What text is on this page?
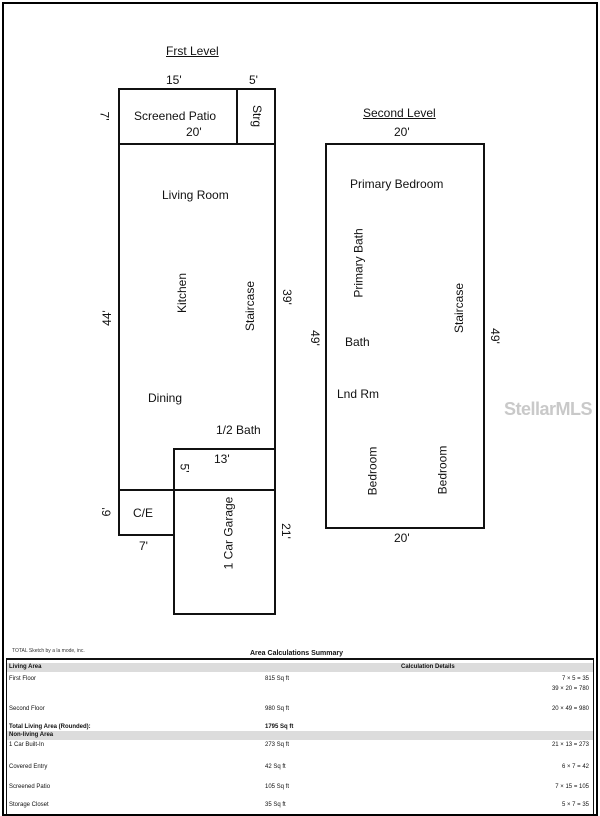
Frst Level
15'	5'
Screened Patio	Strg
7'
20'
Living Room
Kitchen	Staircase
Dining
1/2 Bath
44'
39'
C/E
6'
7'
13'
5'
1 Car Garage	21'
Second Level
20'
Primary Bedroom
Primary Bath
Staircase
Bath
Lnd Rm
Bedroom	Bedroom
49'	49'
20'
StellarMLS
TOTAL Sketch by a la mode, inc.	Area Calculations Summary
Living Area	Calculation Details
First Floor	815 Sq ft	7 × 5 = 35
39 × 20 = 780
Second Floor	980 Sq ft	20 × 49 = 980
Total Living Area (Rounded):	1795 Sq ft
Non-living Area
1 Car Built-In	273 Sq ft	21 × 13 = 273
Covered Entry	42 Sq ft	6 × 7 = 42
Screened Patio	105 Sq ft	7 × 15 = 105
Storage Closet	35 Sq ft	5 × 7 = 35
